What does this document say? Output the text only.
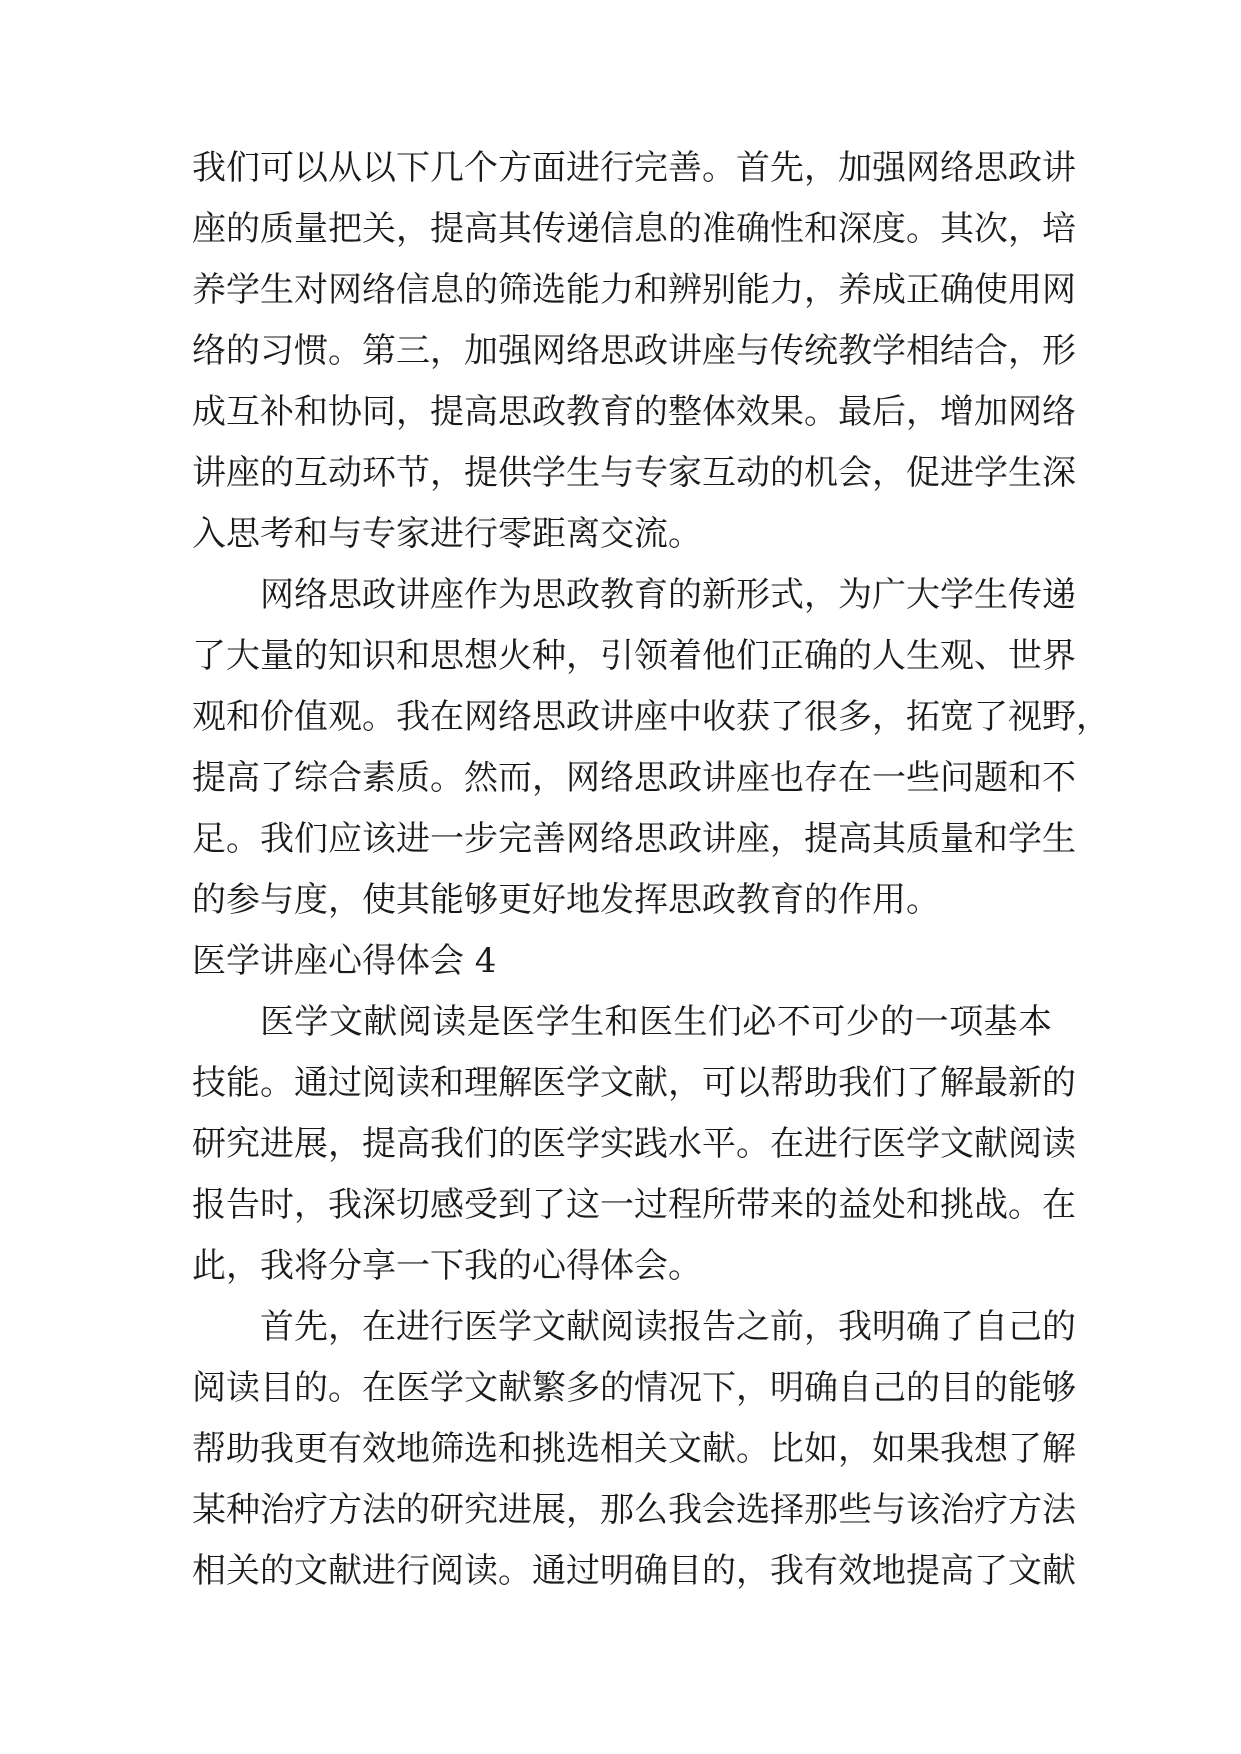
我们可以从以下几个方面进行完善。首先，加强网络思政讲
座的质量把关，提高其传递信息的准确性和深度。其次，培
养学生对网络信息的筛选能力和辨别能力，养成正确使用网
络的习惯。第三，加强网络思政讲座与传统教学相结合，形
成互补和协同，提高思政教育的整体效果。最后，增加网络
讲座的互动环节，提供学生与专家互动的机会，促进学生深
入思考和与专家进行零距离交流。
网络思政讲座作为思政教育的新形式，为广大学生传递
了大量的知识和思想火种，引领着他们正确的人生观、世界
观和价值观。我在网络思政讲座中收获了很多，拓宽了视野，
提高了综合素质。然而，网络思政讲座也存在一些问题和不
足。我们应该进一步完善网络思政讲座，提高其质量和学生
的参与度，使其能够更好地发挥思政教育的作用。
医学讲座心得体会 4
医学文献阅读是医学生和医生们必不可少的一项基本
技能。通过阅读和理解医学文献，可以帮助我们了解最新的
研究进展，提高我们的医学实践水平。在进行医学文献阅读
报告时，我深切感受到了这一过程所带来的益处和挑战。在
此，我将分享一下我的心得体会。
首先，在进行医学文献阅读报告之前，我明确了自己的
阅读目的。在医学文献繁多的情况下，明确自己的目的能够
帮助我更有效地筛选和挑选相关文献。比如，如果我想了解
某种治疗方法的研究进展，那么我会选择那些与该治疗方法
相关的文献进行阅读。通过明确目的，我有效地提高了文献
